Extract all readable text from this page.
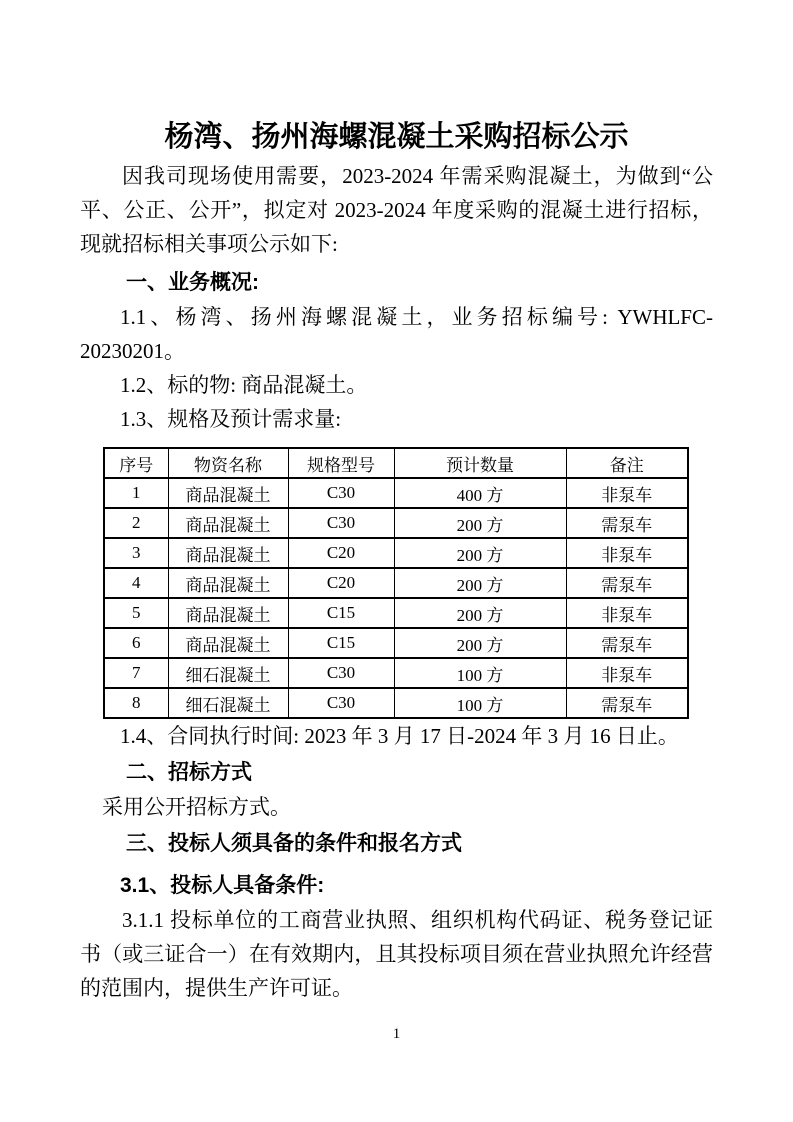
杨湾、扬州海螺混凝土采购招标公示

因我司现场使用需要，2023-2024 年需采购混凝土，为做到“公平、公正、公开”，拟定对 2023-2024 年度采购的混凝土进行招标，现就招标相关事项公示如下:

一、业务概况:

1.1、杨湾、扬州海螺混凝土，业务招标编号: YWHLFC-20230201。

1.2、标的物: 商品混凝土。

1.3、规格及预计需求量:

序号	物资名称	规格型号	预计数量	备注
1	商品混凝土	C30	400 方	非泵车
2	商品混凝土	C30	200 方	需泵车
3	商品混凝土	C20	200 方	非泵车
4	商品混凝土	C20	200 方	需泵车
5	商品混凝土	C15	200 方	非泵车
6	商品混凝土	C15	200 方	需泵车
7	细石混凝土	C30	100 方	非泵车
8	细石混凝土	C30	100 方	需泵车

1.4、合同执行时间: 2023 年 3 月 17 日-2024 年 3 月 16 日止。

二、招标方式

采用公开招标方式。

三、投标人须具备的条件和报名方式

3.1、投标人具备条件:

3.1.1 投标单位的工商营业执照、组织机构代码证、税务登记证书（或三证合一）在有效期内，且其投标项目须在营业执照允许经营的范围内，提供生产许可证。

1
